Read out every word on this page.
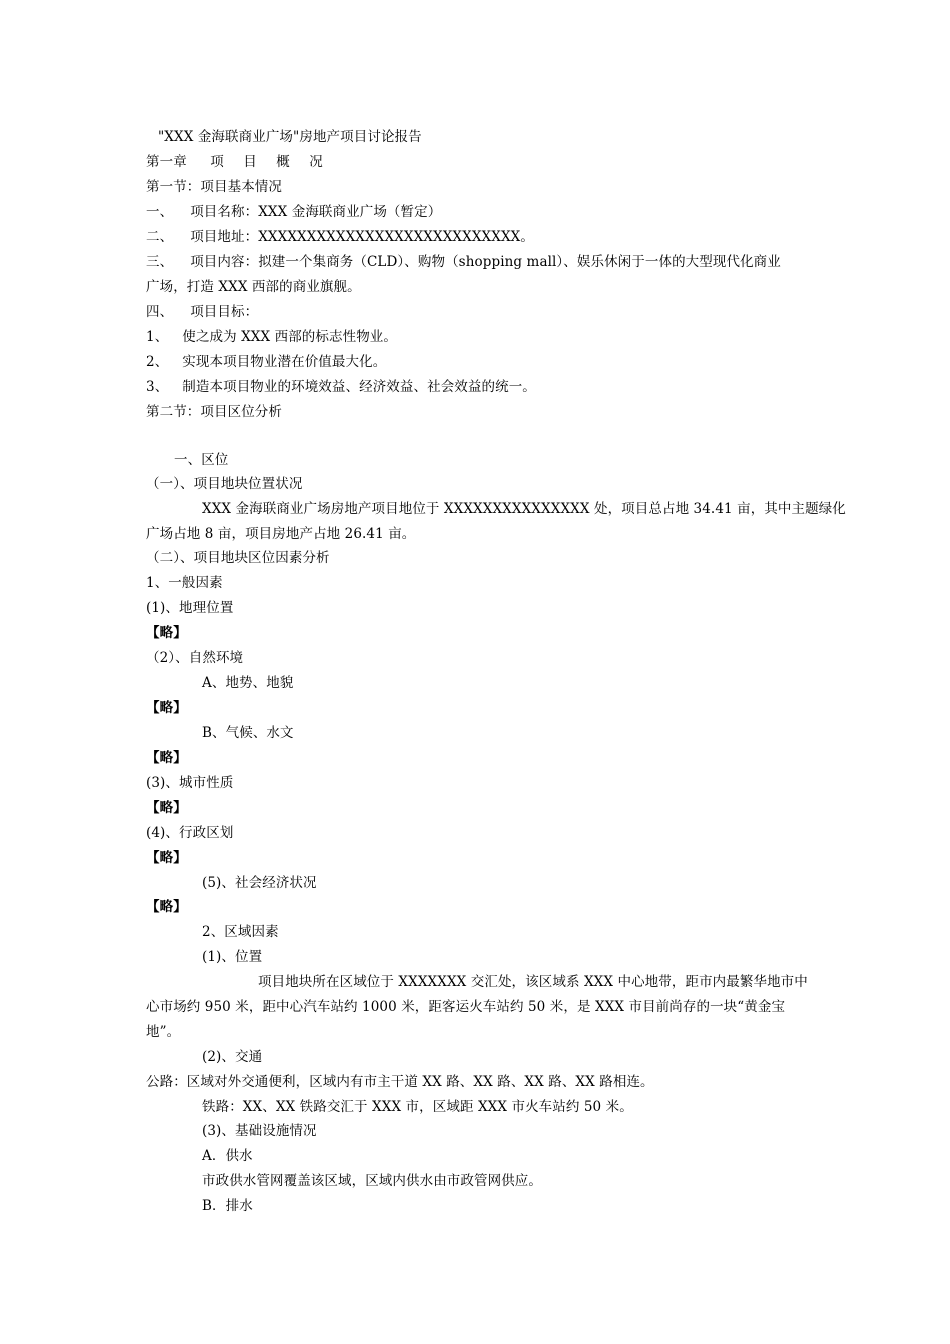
"XXX 金海联商业广场"房地产项目讨论报告
第一章 项 目 概 况
第一节：项目基本情况
一、 项目名称：XXX 金海联商业广场（暂定）
二、 项目地址：XXXXXXXXXXXXXXXXXXXXXXXXXXX。
三、 项目内容：拟建一个集商务（CLD）、购物（shopping mall）、娱乐休闲于一体的大型现代化商业
广场，打造 XXX 西部的商业旗舰。
四、 项目目标：
1、 使之成为 XXX 西部的标志性物业。
2、 实现本项目物业潜在价值最大化。
3、 制造本项目物业的环境效益、经济效益、社会效益的统一。
第二节：项目区位分析
一、区位
（一）、项目地块位置状况
XXX 金海联商业广场房地产项目地位于 XXXXXXXXXXXXXXX 处，项目总占地 34.41 亩，其中主题绿化
广场占地 8 亩，项目房地产占地 26.41 亩。
（二）、项目地块区位因素分析
1、一般因素
(1)、地理位置
【略】
（2）、自然环境
A、地势、地貌
【略】
B、气候、水文
【略】
(3)、城市性质
【略】
(4)、行政区划
【略】
(5)、社会经济状况
【略】
2、区域因素
(1)、位置
项目地块所在区域位于 XXXXXXX 交汇处，该区域系 XXX 中心地带，距市内最繁华地市中
心市场约 950 米，距中心汽车站约 1000 米，距客运火车站约 50 米，是 XXX 市目前尚存的一块“黄金宝
地”。
(2)、交通
公路：区域对外交通便利，区域内有市主干道 XX 路、XX 路、XX 路、XX 路相连。
铁路：XX、XX 铁路交汇于 XXX 市，区域距 XXX 市火车站约 50 米。
(3)、基础设施情况
A．供水
市政供水管网覆盖该区域，区域内供水由市政管网供应。
B．排水
